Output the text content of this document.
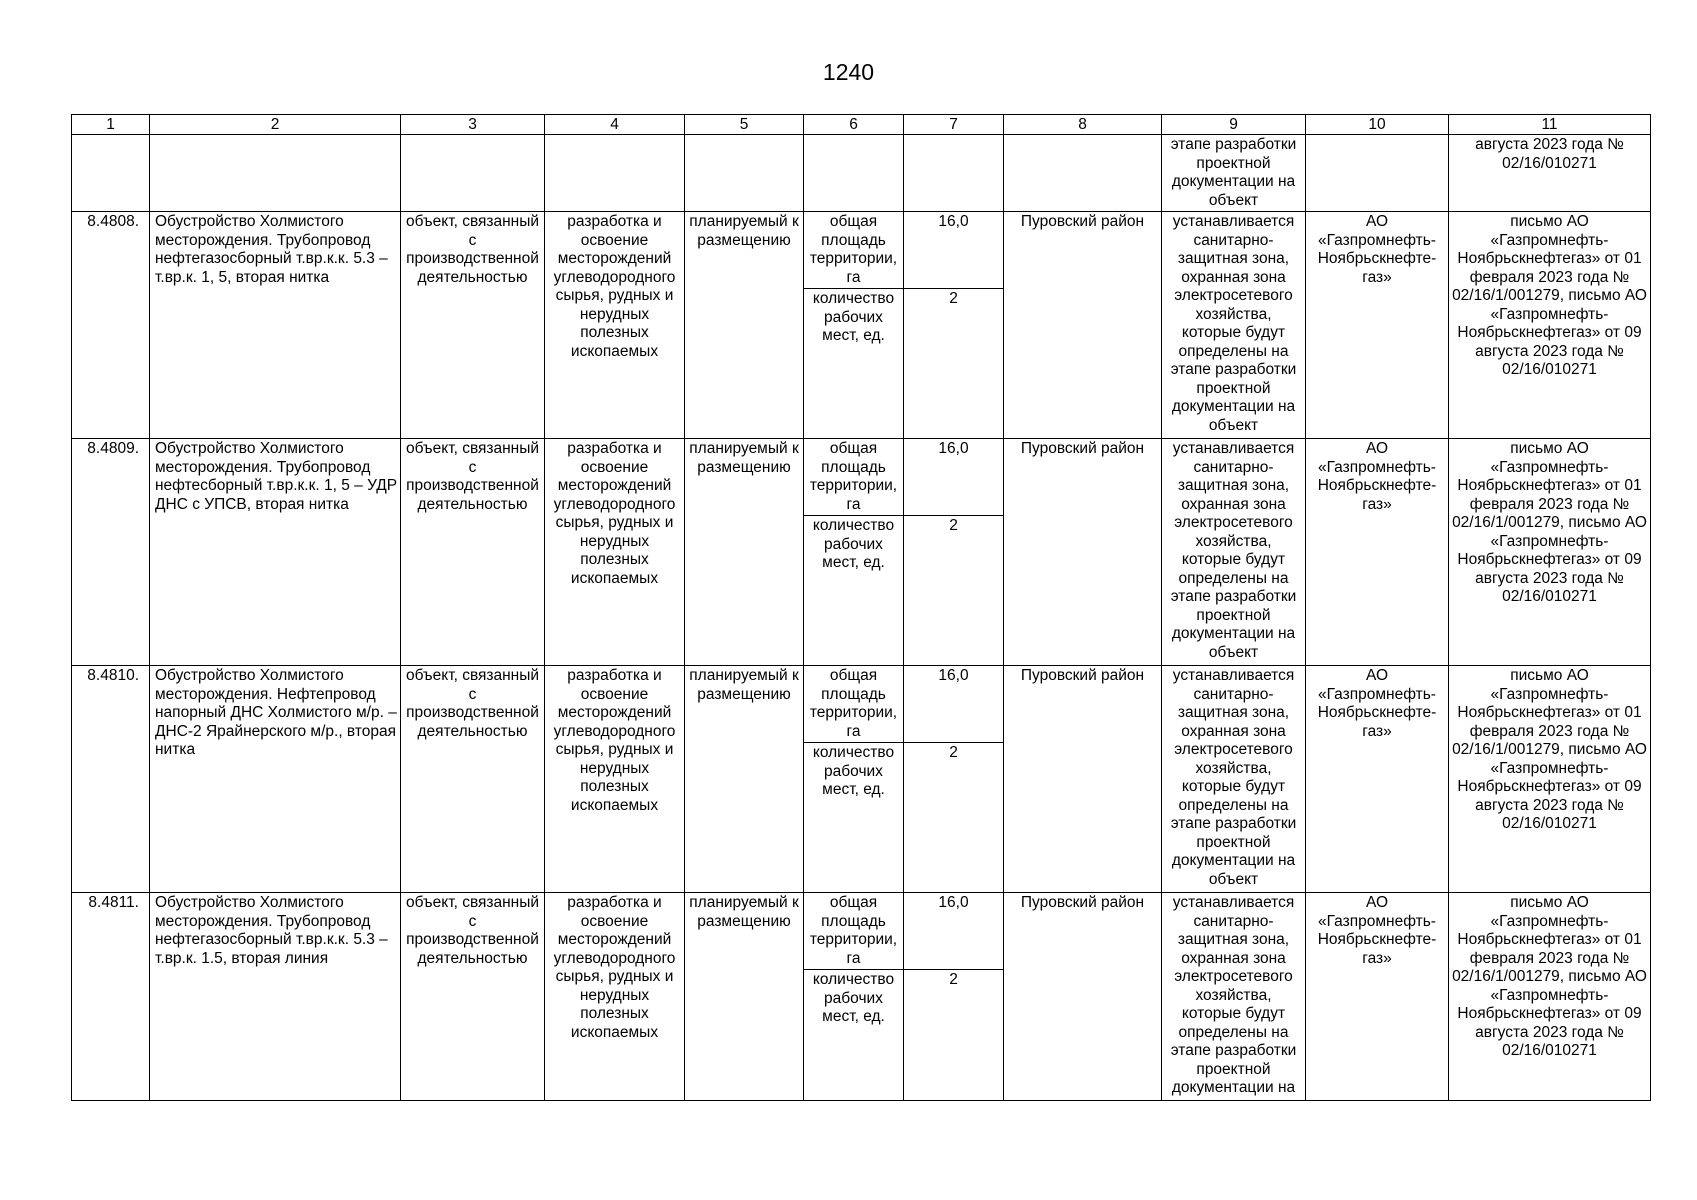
1240
1	2	3	4	5	6	7	8	9	10	11
								этапе разработки проектной документации на объект		августа 2023 года № 02/16/010271
8.4808.	Обустройство Холмистого месторождения. Трубопровод нефтегазосборный т.вр.к.к. 5.3 – т.вр.к. 1, 5, вторая нитка	объект, связанный с производственной деятельностью	разработка и освоение месторождений углеводородного сырья, рудных и нерудных полезных ископаемых	планируемый к размещению	общая площадь территории, га	16,0	Пуровский район	устанавливается санитарно-защитная зона, охранная зона электросетевого хозяйства, которые будут определены на этапе разработки проектной документации на объект	АО «Газпромнефть-Ноябрьскнефте-газ»	письмо АО «Газпромнефть-Ноябрьскнефтегаз» от 01 февраля 2023 года № 02/16/1/001279, письмо АО «Газпромнефть-Ноябрьскнефтегаз» от 09 августа 2023 года № 02/16/010271
					количество рабочих мест, ед.	2				
8.4809.	Обустройство Холмистого месторождения. Трубопровод нефтесборный т.вр.к.к. 1, 5 – УДР ДНС с УПСВ, вторая нитка	объект, связанный с производственной деятельностью	разработка и освоение месторождений углеводородного сырья, рудных и нерудных полезных ископаемых	планируемый к размещению	общая площадь территории, га	16,0	Пуровский район	устанавливается санитарно-защитная зона, охранная зона электросетевого хозяйства, которые будут определены на этапе разработки проектной документации на объект	АО «Газпромнефть-Ноябрьскнефте-газ»	письмо АО «Газпромнефть-Ноябрьскнефтегаз» от 01 февраля 2023 года № 02/16/1/001279, письмо АО «Газпромнефть-Ноябрьскнефтегаз» от 09 августа 2023 года № 02/16/010271
					количество рабочих мест, ед.	2				
8.4810.	Обустройство Холмистого месторождения. Нефтепровод напорный ДНС Холмистого м/р. – ДНС-2 Ярайнерского м/р., вторая нитка	объект, связанный с производственной деятельностью	разработка и освоение месторождений углеводородного сырья, рудных и нерудных полезных ископаемых	планируемый к размещению	общая площадь территории, га	16,0	Пуровский район	устанавливается санитарно-защитная зона, охранная зона электросетевого хозяйства, которые будут определены на этапе разработки проектной документации на объект	АО «Газпромнефть-Ноябрьскнефте-газ»	письмо АО «Газпромнефть-Ноябрьскнефтегаз» от 01 февраля 2023 года № 02/16/1/001279, письмо АО «Газпромнефть-Ноябрьскнефтегаз» от 09 августа 2023 года № 02/16/010271
					количество рабочих мест, ед.	2				
8.4811.	Обустройство Холмистого месторождения. Трубопровод нефтегазосборный т.вр.к.к. 5.3 – т.вр.к. 1.5, вторая линия	объект, связанный с производственной деятельностью	разработка и освоение месторождений углеводородного сырья, рудных и нерудных полезных ископаемых	планируемый к размещению	общая площадь территории, га	16,0	Пуровский район	устанавливается санитарно-защитная зона, охранная зона электросетевого хозяйства, которые будут определены на этапе разработки проектной документации на	АО «Газпромнефть-Ноябрьскнефте-газ»	письмо АО «Газпромнефть-Ноябрьскнефтегаз» от 01 февраля 2023 года № 02/16/1/001279, письмо АО «Газпромнефть-Ноябрьскнефтегаз» от 09 августа 2023 года № 02/16/010271
					количество рабочих мест, ед.	2				
